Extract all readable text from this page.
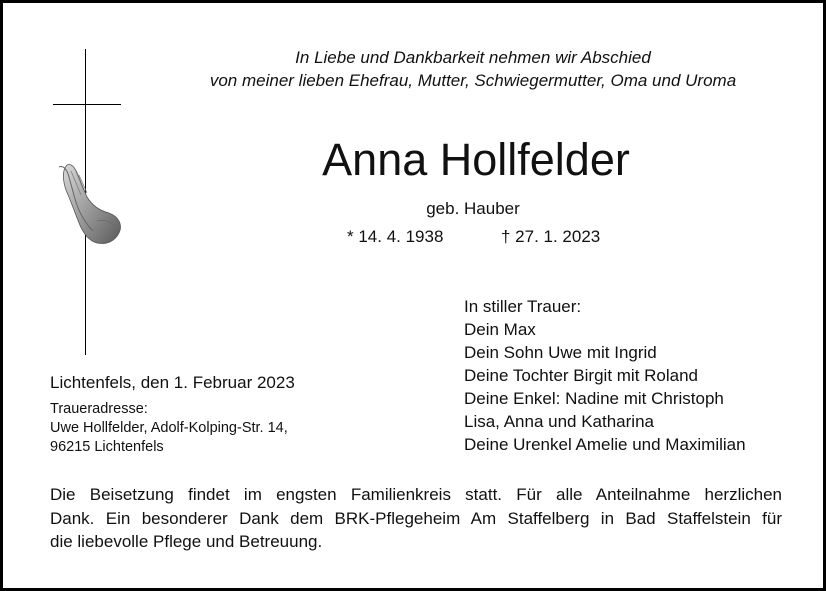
In Liebe und Dankbarkeit nehmen wir Abschied
von meiner lieben Ehefrau, Mutter, Schwiegermutter, Oma und Uroma
Anna Hollfelder
geb. Hauber
* 14. 4. 1938	† 27. 1. 2023
In stiller Trauer:
Dein Max
Dein Sohn Uwe mit Ingrid
Deine Tochter Birgit mit Roland
Deine Enkel: Nadine mit Christoph
Lisa, Anna und Katharina
Deine Urenkel Amelie und Maximilian
Lichtenfels, den 1. Februar 2023
Traueradresse:
Uwe Hollfelder, Adolf-Kolping-Str. 14,
96215 Lichtenfels
Die Beisetzung findet im engsten Familienkreis statt. Für alle Anteilnahme herzlichen
Dank. Ein besonderer Dank dem BRK-Pflegeheim Am Staffelberg in Bad Staffelstein für
die liebevolle Pflege und Betreuung.
